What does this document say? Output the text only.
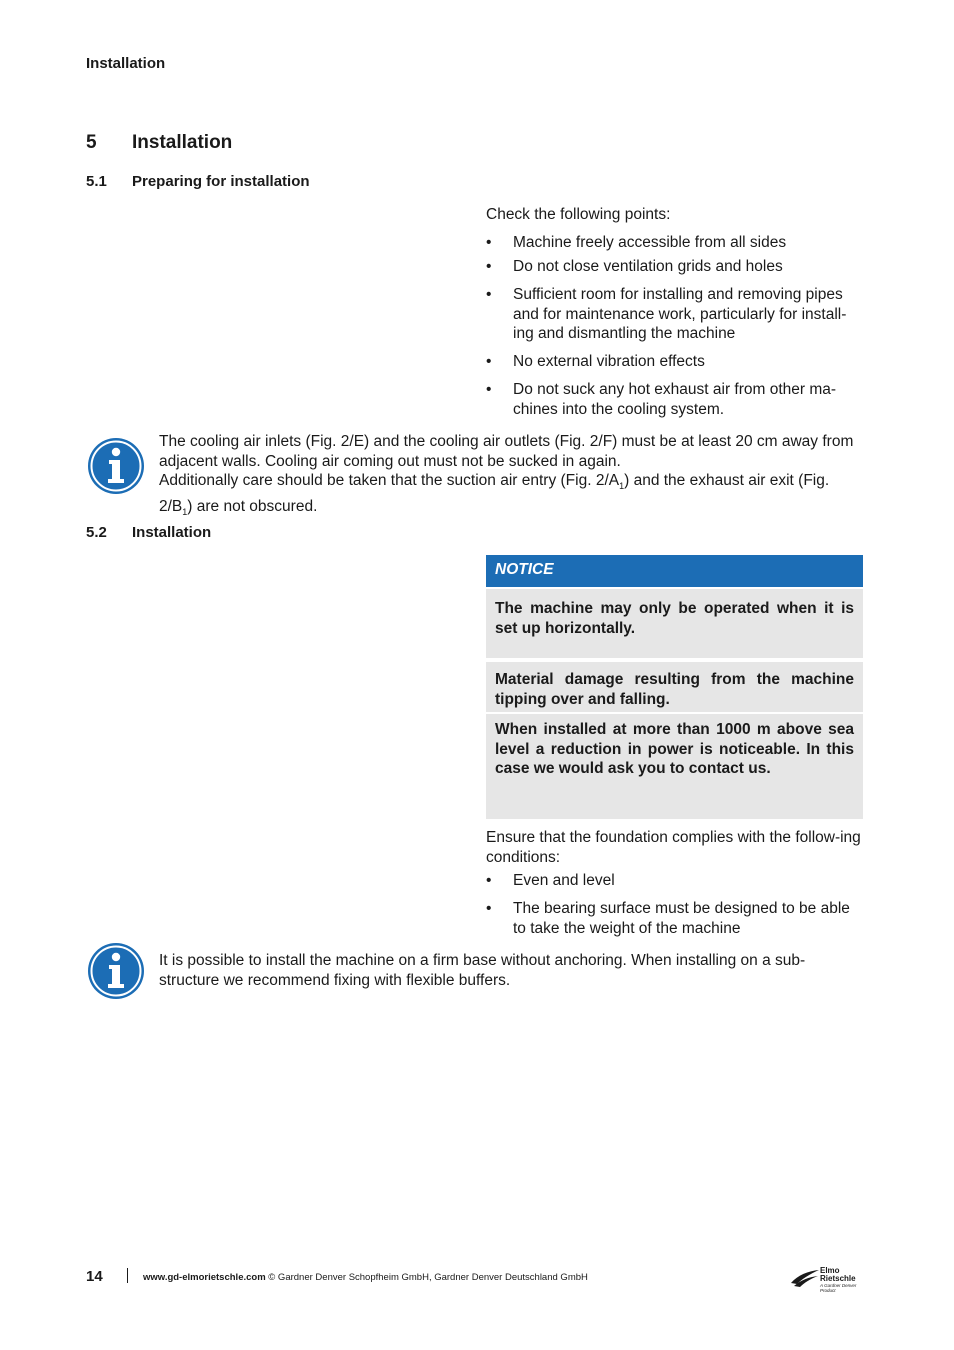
Installation
5 Installation
5.1 Preparing for installation
Check the following points:
• Machine freely accessible from all sides
• Do not close ventilation grids and holes
• Sufficient room for installing and removing pipes and for maintenance work, particularly for install-ing and dismantling the machine
• No external vibration effects
• Do not suck any hot exhaust air from other ma-chines into the cooling system.
The cooling air inlets (Fig. 2/E) and the cooling air outlets (Fig. 2/F) must be at least 20 cm away from adjacent walls. Cooling air coming out must not be sucked in again.
Additionally care should be taken that the suction air entry (Fig. $2/A_1$) and the exhaust air exit (Fig. $2/B_1$) are not obscured.
5.2 Installation
NOTICE
The machine may only be operated when it is set up horizontally.
Material damage resulting from the machine tipping over and falling.
When installed at more than 1000 m above sea level a reduction in power is noticeable. In this case we would ask you to contact us.
Ensure that the foundation complies with the follow-ing conditions:
• Even and level
• The bearing surface must be designed to be able to take the weight of the machine
It is possible to install the machine on a firm base without anchoring. When installing on a sub-structure we recommend fixing with flexible buffers.
14	www.gd-elmorietschle.com © Gardner Denver Schopfheim GmbH, Gardner Denver Deutschland GmbH
Elmo
Rietschle
A Gardner Denver Product
